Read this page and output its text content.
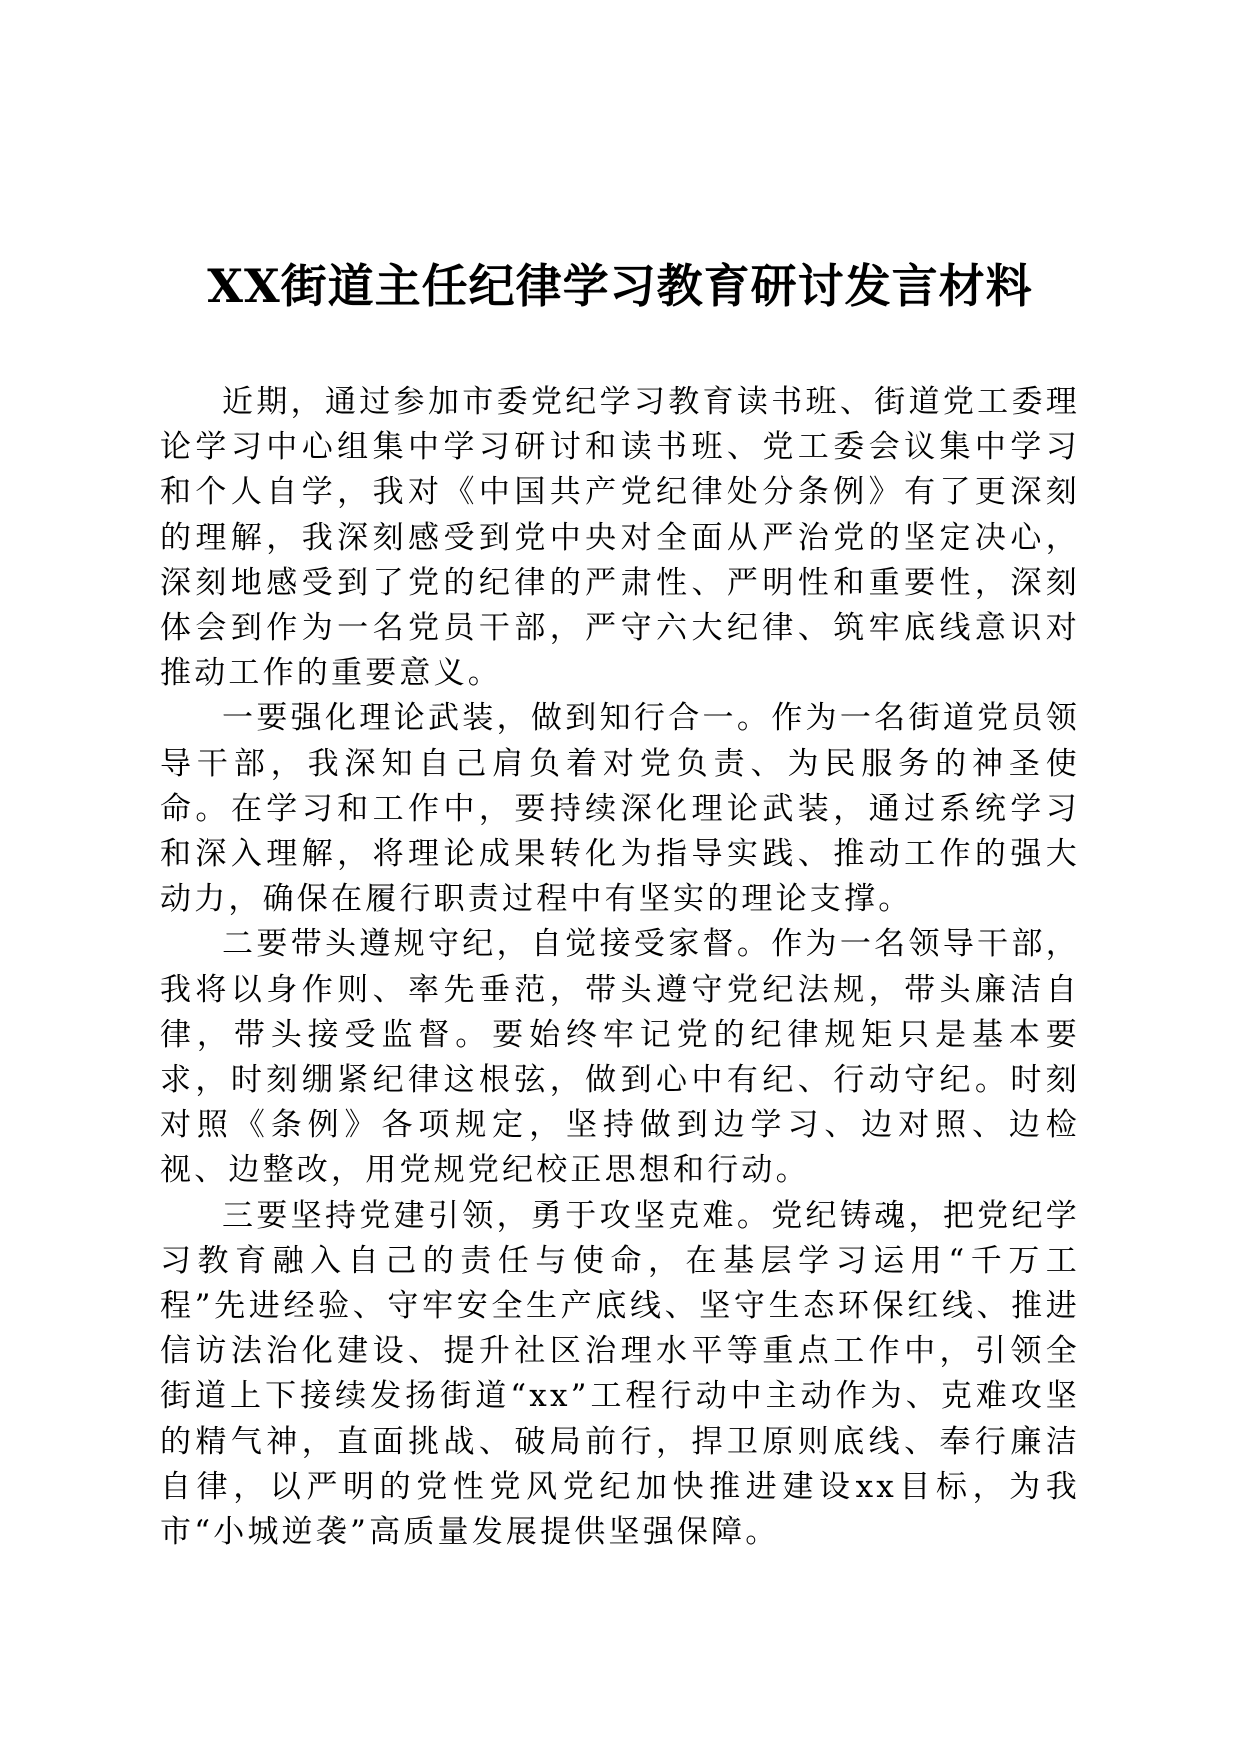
XX街道主任纪律学习教育研讨发言材料

近期，通过参加市委党纪学习教育读书班、街道党工委理论学习中心组集中学习研讨和读书班、党工委会议集中学习和个人自学，我对《中国共产党纪律处分条例》有了更深刻的理解，我深刻感受到党中央对全面从严治党的坚定决心，深刻地感受到了党的纪律的严肃性、严明性和重要性，深刻体会到作为一名党员干部，严守六大纪律、筑牢底线意识对推动工作的重要意义。

一要强化理论武装，做到知行合一。作为一名街道党员领导干部，我深知自己肩负着对党负责、为民服务的神圣使命。在学习和工作中，要持续深化理论武装，通过系统学习和深入理解，将理论成果转化为指导实践、推动工作的强大动力，确保在履行职责过程中有坚实的理论支撑。

二要带头遵规守纪，自觉接受家督。作为一名领导干部，我将以身作则、率先垂范，带头遵守党纪法规，带头廉洁自律，带头接受监督。要始终牢记党的纪律规矩只是基本要求，时刻绷紧纪律这根弦，做到心中有纪、行动守纪。时刻对照《条例》各项规定，坚持做到边学习、边对照、边检视、边整改，用党规党纪校正思想和行动。

三要坚持党建引领，勇于攻坚克难。党纪铸魂，把党纪学习教育融入自己的责任与使命，在基层学习运用“千万工程”先进经验、守牢安全生产底线、坚守生态环保红线、推进信访法治化建设、提升社区治理水平等重点工作中，引领全街道上下接续发扬街道“xx”工程行动中主动作为、克难攻坚的精气神，直面挑战、破局前行，捍卫原则底线、奉行廉洁自律，以严明的党性党风党纪加快推进建设xx目标，为我市“小城逆袭”高质量发展提供坚强保障。
